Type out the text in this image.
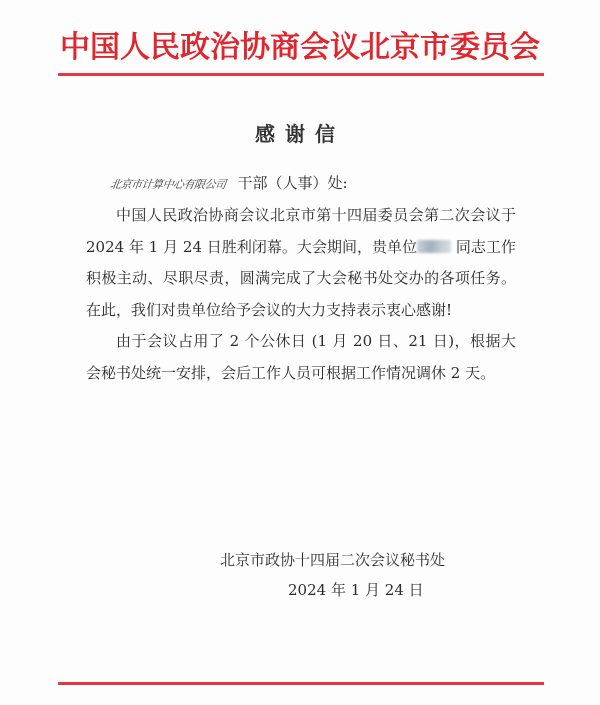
中国人民政治协商会议北京市委员会
感谢信
北京市计算中心有限公司 干部（人事）处:

中国人民政治协商会议北京市第十四届委员会第二次会议于 2024 年 1 月 24 日胜利闭幕。大会期间，贵单位	同志工作积极主动、尽职尽责，圆满完成了大会秘书处交办的各项任务。在此，我们对贵单位给予会议的大力支持表示衷心感谢!

由于会议占用了 2 个公休日 (1 月 20 日、21 日)，根据大会秘书处统一安排，会后工作人员可根据工作情况调休 2 天。

北京市政协十四届二次会议秘书处
2024 年 1 月 24 日
